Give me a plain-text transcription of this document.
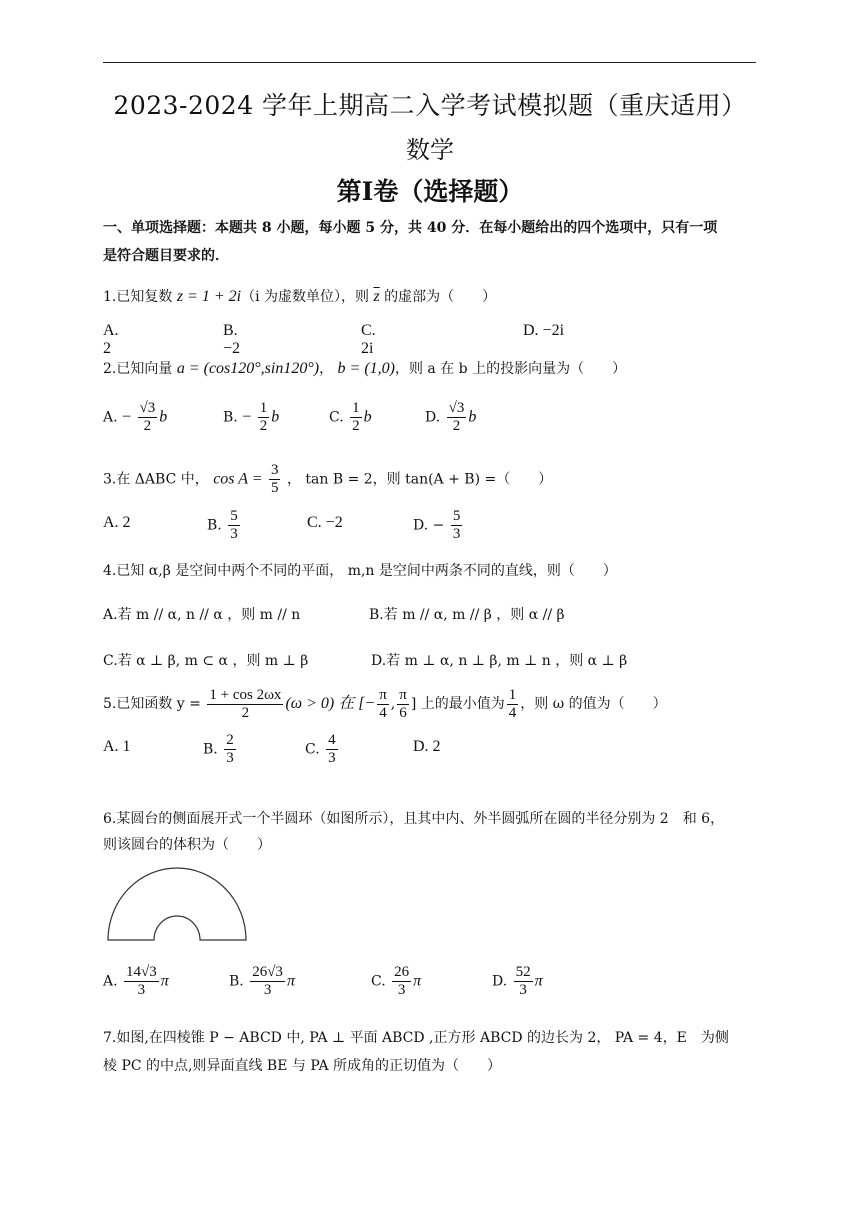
2023-2024 学年上期高二入学考试模拟题（重庆适用）
数学
第Ⅰ卷（选择题）
一、单项选择题：本题共 8 小题，每小题 5 分，共 40 分．在每小题给出的四个选项中，只有一项
是符合题目要求的．
1.已知复数 z = 1 + 2i（i 为虚数单位），则 $\overline{z}$ 的虚部为（　　）
A. 2
B. −2
C. 2i
D. −2i
2.已知向量 a = (cos120°,sin120°)， b = (1,0)，则 a 在 b 上的投影向量为（　　）
A. − $\frac{√3}{2}$ b	B. − $\frac{1}{2}$ b	C. $\frac{1}{2}$ b	D. $\frac{√3}{2}$ b
3.在 ΔABC 中， $\cos A = \frac{3}{5}$ ， tan B = 2，则 tan(A + B) =（　　）
A. 2	B. $\frac{5}{3}$	C. −2	D. − $\frac{5}{3}$
4.已知 α,β 是空间中两个不同的平面， m,n 是空间中两条不同的直线，则（　　）
A.若 m // α, n // α ，则 m // n	B.若 m // α, m // β ，则 α // β
C.若 α ⊥ β, m ⊂ α ，则 m ⊥ β	D.若 m ⊥ α, n ⊥ β, m ⊥ n ，则 α ⊥ β
5.已知函数 $y = \frac{1 + \cos 2\omega x}{2} (\omega > 0)$ 在 [− $\frac{\pi}{4}$ , $\frac{\pi}{6}$ ] 上的最小值为 $\frac{1}{4}$ ，则 ω 的值为（　　）
A. 1	B. $\frac{2}{3}$	C. $\frac{4}{3}$	D. 2
6.某圆台的侧面展开式一个半圆环（如图所示），且其中内、外半圆弧所在圆的半径分别为 2　和 6，
则该圆台的体积为（　　）
A. $\frac{14√3}{3}$ π	B. $\frac{26√3}{3}$ π	C. $\frac{26}{3}$ π	D. $\frac{52}{3}$ π
7.如图,在四棱锥 P − ABCD 中, PA ⊥ 平面 ABCD ,正方形 ABCD 的边长为 2， PA = 4，E　为侧
棱 PC 的中点,则异面直线 BE 与 PA 所成角的正切值为（　　）
